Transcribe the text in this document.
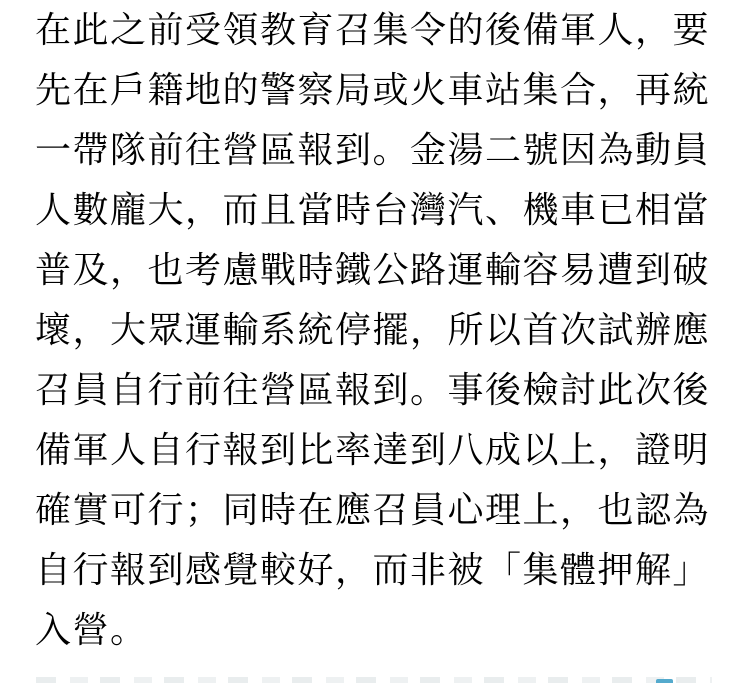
在此之前受領教育召集令的後備軍人，要

先在戶籍地的警察局或火車站集合，再統

一帶隊前往營區報到。金湯二號因為動員

人數龐大，而且當時台灣汽、機車已相當

普及，也考慮戰時鐵公路運輸容易遭到破

壞，大眾運輸系統停擺，所以首次試辦應

召員自行前往營區報到。事後檢討此次後

備軍人自行報到比率達到八成以上，證明

確實可行；同時在應召員心理上，也認為

自行報到感覺較好，而非被「集體押解」

入營。
